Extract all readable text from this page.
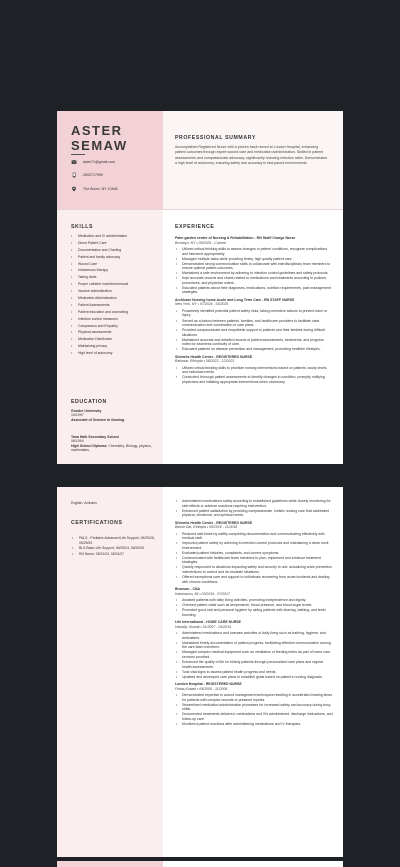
ASTER
SEMAW
aster71@gmail.com
2693717959
The Bronx, NY 10468
PROFESSIONAL SUMMARY
Accomplished Registered Nurse with a proven track record at London Hospital, enhancing patient outcomes through expert wound care and medication administration. Skilled in patient assessments and compassionate advocacy, significantly reducing infection rates. Demonstrates a high level of autonomy, ensuring safety and accuracy in fast-paced environments.
SKILLS
• Medication and IV administration
• Direct Patient Care
• Documentation and Charting
• Patient and family advocacy
• Wound Care
• Intravenous therapy
• Taking vitals
• Proper catheter insertion/removal
• Vaccine administration
• Medication Administration
• Patient Assessments
• Patient education and counseling
• Infection control measures
• Compassion and Empathy
• Physical assessments
• Medication Distribution
• Maintaining privacy
• High level of autonomy
EDUCATION
Gonder University
10/1997
Associate of Science In Nursing
Tana Haik Secondary School
06/1994
High School Diploma: Chemistry, Biology, physics, mathmatics,
EXPERIENCE
Palm garden center of Nursing & Rehabilitation - RN Staff/ Charge Nurse
Brooklyn, NY • 05/2025 - Current
• Utilized critical thinking skills to assess changes in patient conditions, recognize complications and intervene appropriately.
• Managed multiple tasks while providing timely, high quality patient care.
• Demonstrated strong communication skills to collaborate with interdisciplinary team members to ensure optimal patient outcomes.
• Maintained a safe environment by adhering to infection control guidelines and safety protocols.
• Kept accurate records and charts related to medications and treatments according to policies, procedures, and physician orders.
• Educated patients about their diagnoses, medications, nutrition requirements, pain management strategies.
Archicare Nursing home Acute and Long Term Care - RN STAFF NURSE
New York, NY • 07/2024 - 03/2025
• Proactively identified potential patient safety risks, taking corrective actions to prevent harm or injury.
• Served as a liaison between patients, families, and healthcare providers to facilitate clear communication and coordination of care plans.
• Provided compassionate and empathetic support to patients and their families during difficult situations.
• Maintained accurate and detailed records of patient assessments, treatments, and progress notes for seamless continuity of care.
• Educated patients on disease prevention and management, promoting healthier lifestyles.
Shimelis Health Center - REGISTERED NURSE
Bahirdar, Ethiopia • 08/2023 - 12/2023
• Utilized critical thinking skills to prioritize nursing interventions based on patients' acuity levels and individual needs.
• Conducted thorough patient assessments to identify changes in condition, promptly notifying physicians and initiating appropriate interventions when necessary.
English, Amharic
CERTIFICATIONS
• PALS - Pediatric Advanced Life Support, 06/29/26, 06/29/26
• BLS Basic Life Support, 06/29/24, 06/29/26
• RN Nurse, 05/31/24, 05/31/27
• Administered medications safely according to established guidelines while closely monitoring for side effects or adverse reactions requiring intervention.
• Enhanced patient satisfaction by providing compassionate, holistic nursing care that addressed physical, emotional, and spiritual needs.
Shimelis Health Center - REGISTERED NURSE
Bashir Dar, Ethiopia • 09/2018 - 11/2018
• Reduced wait times by swiftly completing documentation and communicating effectively with medical staff.
• Improved patient safety by adhering to infection control protocols and maintaining a clean work environment.
• Evaluated patient histories, complaints, and current symptoms.
• Communicated with healthcare team members to plan, implement and enhance treatment strategies.
• Quickly responded to situations impacting safety and security to unit, actualizing crisis prevention interventions to control and de-escalate situations.
• Offered exceptional care and support to individuals recovering from acute incidents and dealing with chronic conditions.
Bronson - CNA
Kalamazoo, MI • 03/2016 - 07/2017
• Assisted patients with daily living activities, promoting independence and dignity.
• Checked patient vitals such as temperature, blood pressure, and blood sugar levels.
• Promoted good oral and personal hygiene by aiding patients with shaving, bathing, and teeth brushing.
Life International - HOME CARE NURSE
Hawally, Kuwait • 01/2007 - 04/2014
• Administered medications and oversaw activities of daily living such as bathing, hygiene, and ambulation.
• Maintained timely documentation of patient progress, facilitating effective communication among the care team members.
• Managed complex medical equipment such as ventilators or feeding tubes as part of home care services provided.
• Enhanced the quality of life for elderly patients through personalized care plans and regular health assessments.
• Took vital signs to assess patient health progress and needs.
• Updated and developed care plans to establish goals based on patient's nursing diagnosis.
London Hospital - REGISTERED NURSE
Fintas,Kuwait • 09/2005 - 11/2006
• Demonstrated expertise in wound management techniques resulting in accelerated healing times for patients with complex wounds or pressure injuries.
• Streamlined medication administration processes for increased safety and accuracy during busy shifts.
• Documented treatments delivered, medications and IVs administered, discharge instructions, and follow-up care.
• Monitored patient reactions after administering medications and IV therapies.
